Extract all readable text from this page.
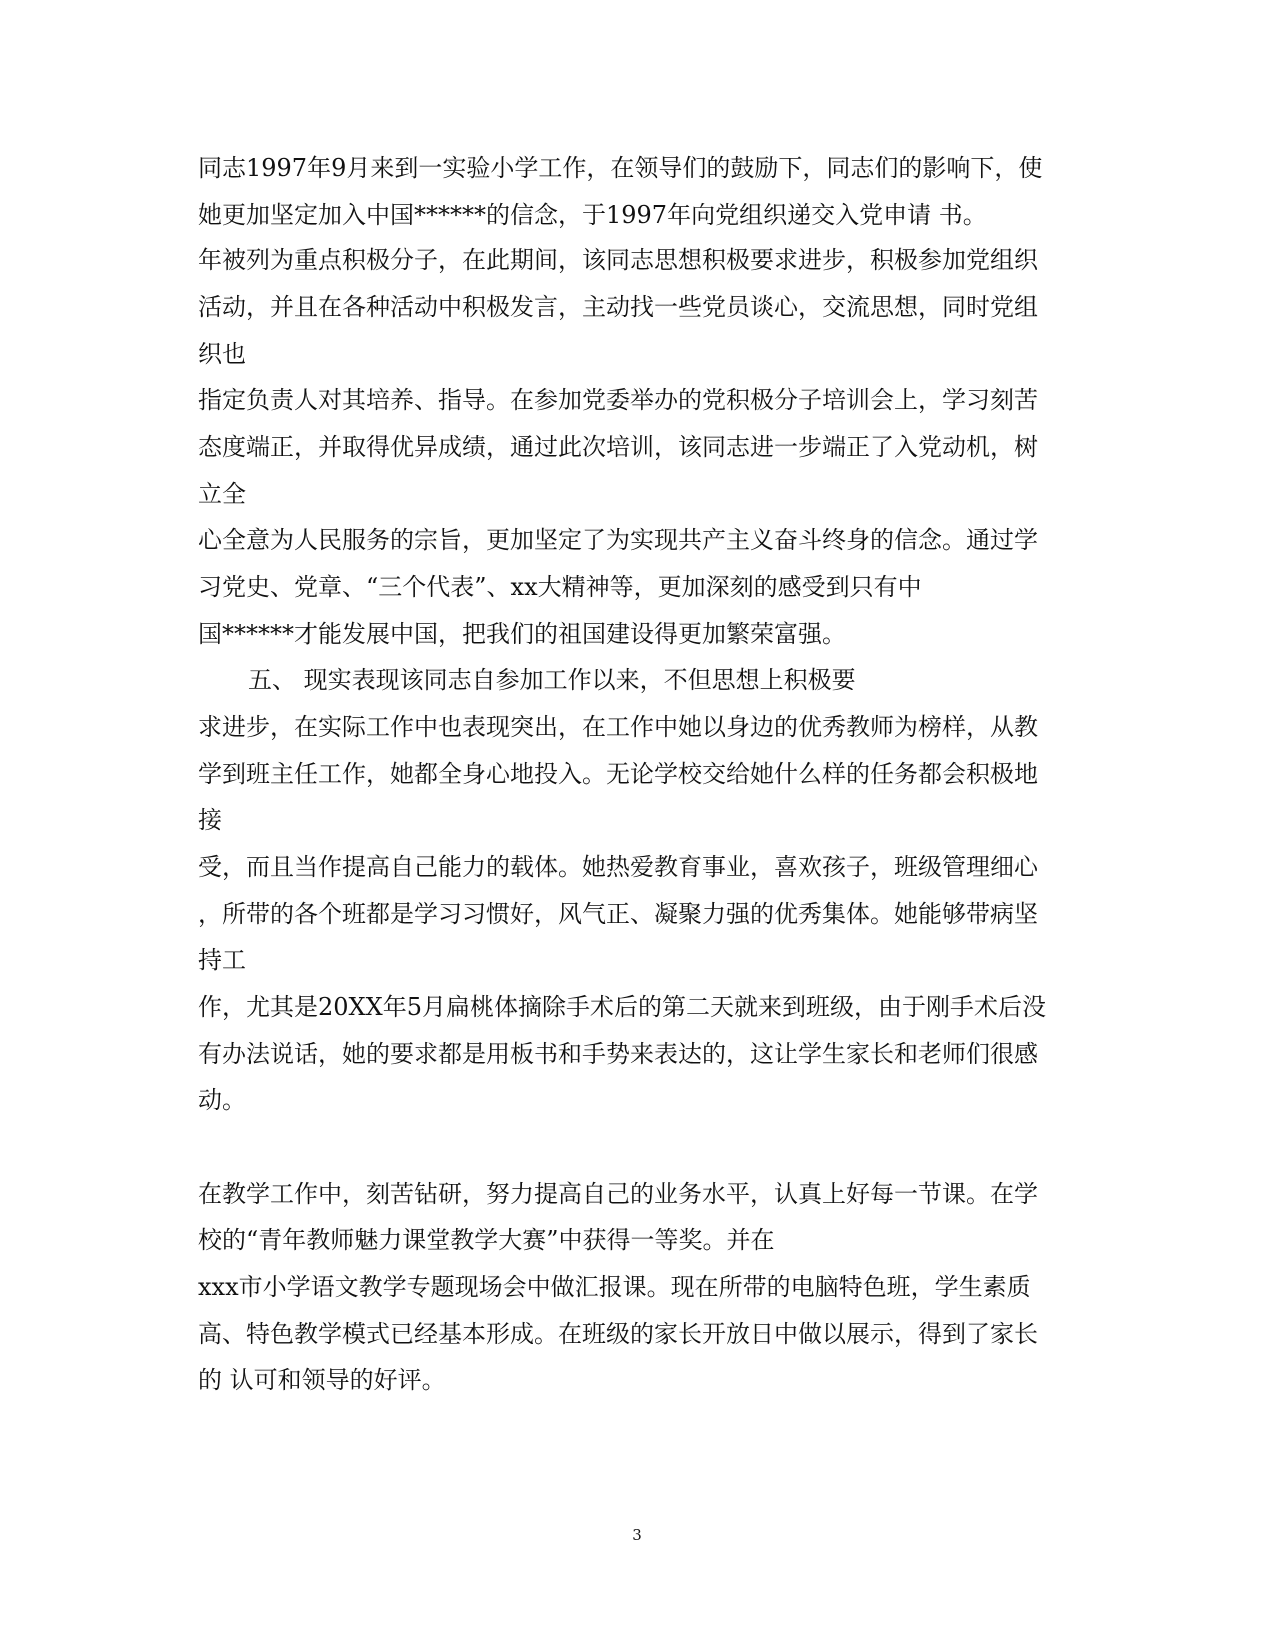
同志1997年9月来到一实验小学工作，在领导们的鼓励下，同志们的影响下，使
她更加坚定加入中国******的信念，于1997年向党组织递交入党申请 书。
年被列为重点积极分子，在此期间，该同志思想积极要求进步，积极参加党组织
活动，并且在各种活动中积极发言，主动找一些党员谈心，交流思想，同时党组
织也
指定负责人对其培养、指导。在参加党委举办的党积极分子培训会上，学习刻苦
态度端正，并取得优异成绩，通过此次培训，该同志进一步端正了入党动机，树
立全
心全意为人民服务的宗旨，更加坚定了为实现共产主义奋斗终身的信念。通过学
习党史、党章、“三个代表”、xx大精神等，更加深刻的感受到只有中
国******才能发展中国，把我们的祖国建设得更加繁荣富强。
五、 现实表现该同志自参加工作以来，不但思想上积极要
求进步，在实际工作中也表现突出，在工作中她以身边的优秀教师为榜样，从教
学到班主任工作，她都全身心地投入。无论学校交给她什么样的任务都会积极地
接
受，而且当作提高自己能力的载体。她热爱教育事业，喜欢孩子，班级管理细心
，所带的各个班都是学习习惯好，风气正、凝聚力强的优秀集体。她能够带病坚
持工
作，尤其是20XX年5月扁桃体摘除手术后的第二天就来到班级，由于刚手术后没
有办法说话，她的要求都是用板书和手势来表达的，这让学生家长和老师们很感
动。
在教学工作中，刻苦钻研，努力提高自己的业务水平，认真上好每一节课。在学
校的“青年教师魅力课堂教学大赛”中获得一等奖。并在
xxx市小学语文教学专题现场会中做汇报课。现在所带的电脑特色班，学生素质
高、特色教学模式已经基本形成。在班级的家长开放日中做以展示，得到了家长
的 认可和领导的好评。
3
